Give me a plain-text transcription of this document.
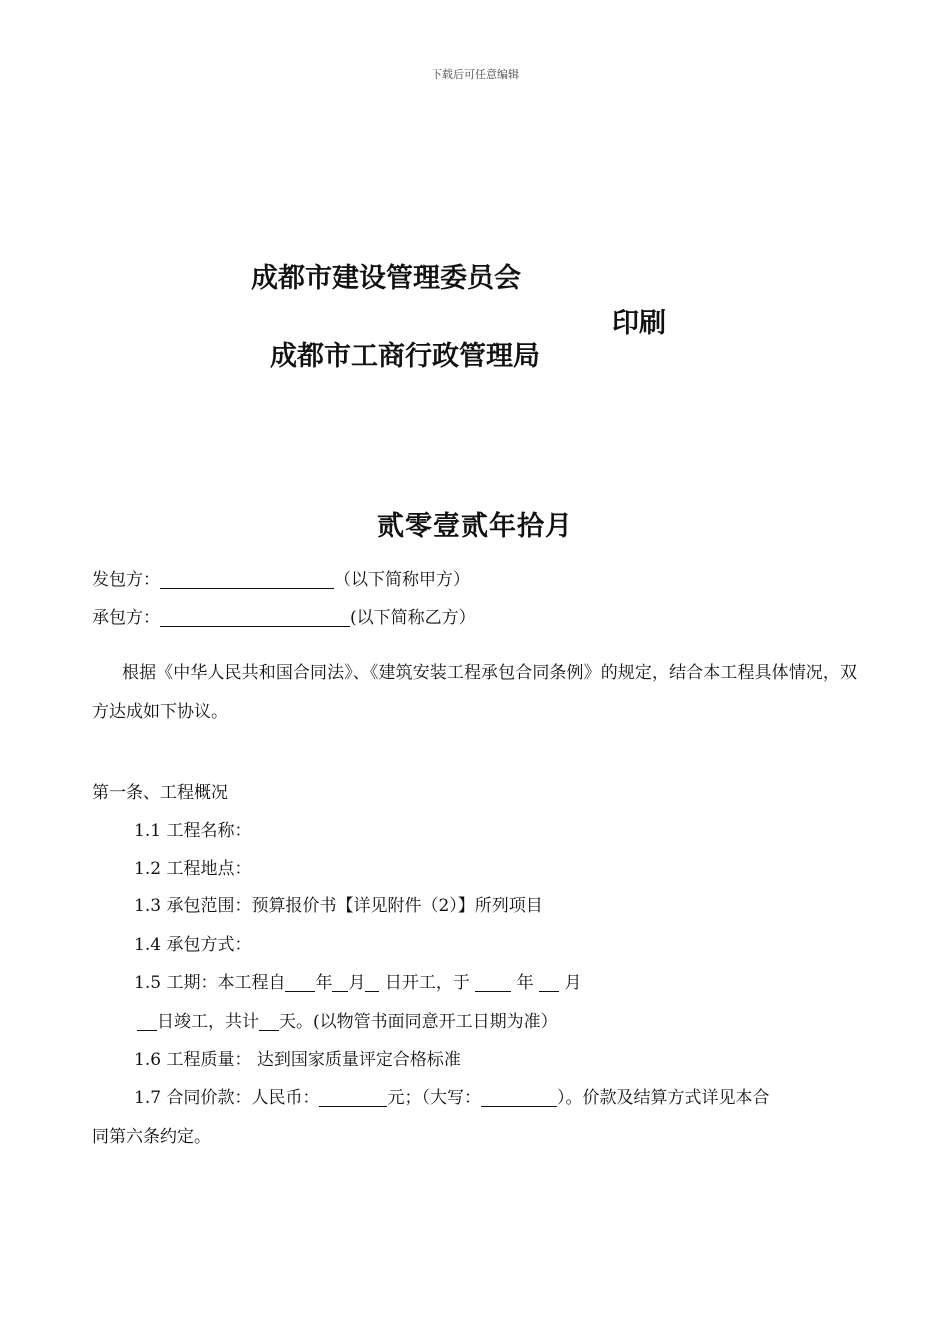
下载后可任意编辑
成都市建设管理委员会
印刷
成都市工商行政管理局
贰零壹贰年拾月
发包方：	（以下简称甲方）
承包方：	(以下简称乙方）
根据《中华人民共和国合同法》、《建筑安装工程承包合同条例》的规定，结合本工程具体情况，双方达成如下协议。
第一条、工程概况
1.1 工程名称：
1.2 工程地点：
1.3 承包范围：预算报价书【详见附件（2）】所列项目
1.4 承包方式：
1.5 工期：本工程自 年 月 日开工，于  年  月
日竣工，共计 天。(以物管书面同意开工日期为准）
1.6 工程质量： 达到国家质量评定合格标准
1.7 合同价款：人民币：	元；（大写：	）。价款及结算方式详见本合
同第六条约定。
